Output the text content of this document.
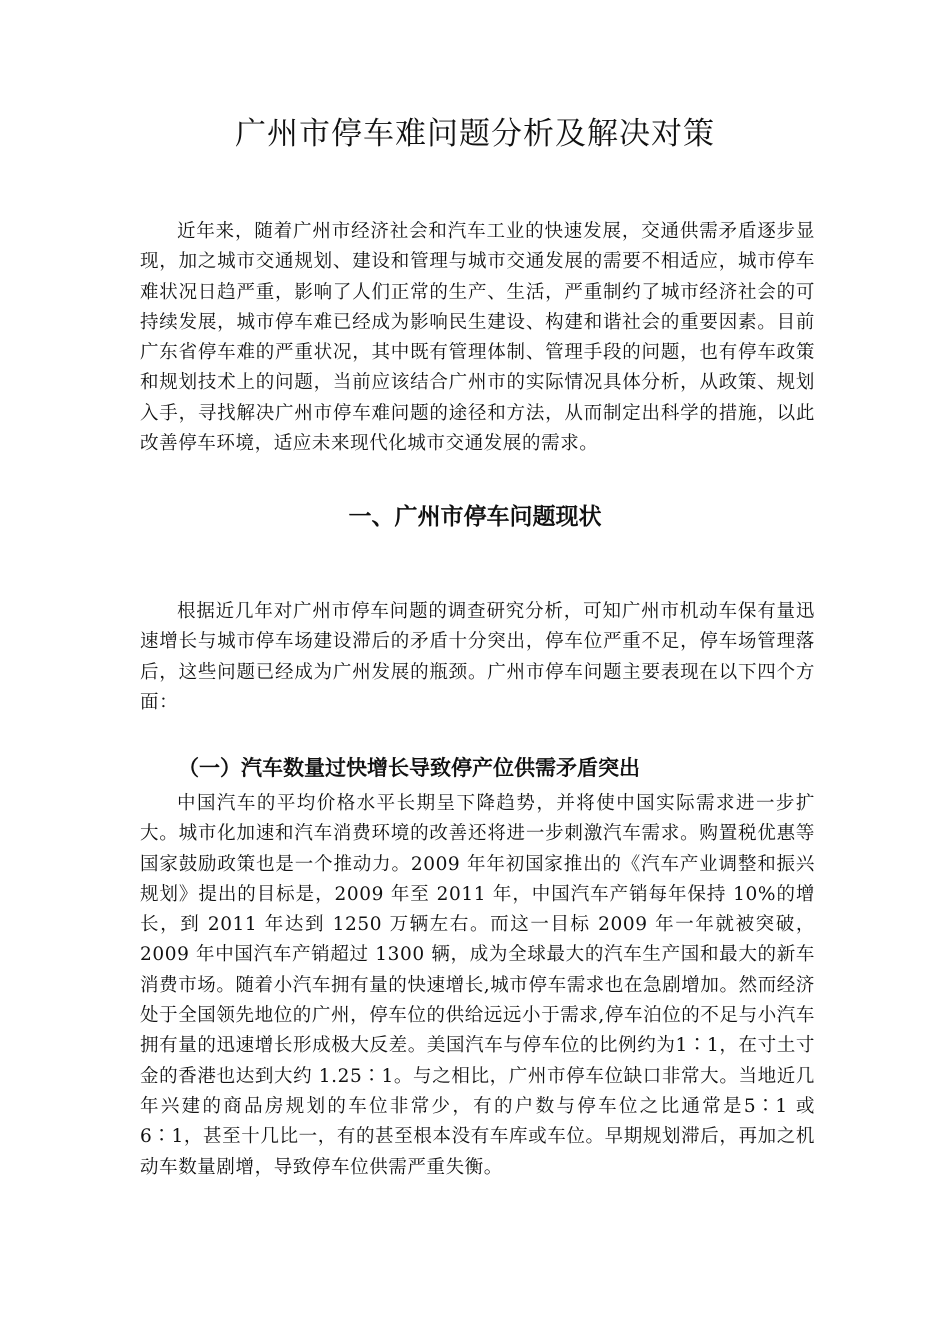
广州市停车难问题分析及解决对策

近年来，随着广州市经济社会和汽车工业的快速发展，交通供需矛盾逐步显现，加之城市交通规划、建设和管理与城市交通发展的需要不相适应，城市停车难状况日趋严重，影响了人们正常的生产、生活，严重制约了城市经济社会的可持续发展，城市停车难已经成为影响民生建设、构建和谐社会的重要因素。目前广东省停车难的严重状况，其中既有管理体制、管理手段的问题，也有停车政策和规划技术上的问题，当前应该结合广州市的实际情况具体分析，从政策、规划入手，寻找解决广州市停车难问题的途径和方法，从而制定出科学的措施，以此改善停车环境，适应未来现代化城市交通发展的需求。

一、广州市停车问题现状

根据近几年对广州市停车问题的调查研究分析，可知广州市机动车保有量迅速增长与城市停车场建设滞后的矛盾十分突出，停车位严重不足，停车场管理落后，这些问题已经成为广州发展的瓶颈。广州市停车问题主要表现在以下四个方面：

（一）汽车数量过快增长导致停产位供需矛盾突出

中国汽车的平均价格水平长期呈下降趋势，并将使中国实际需求进一步扩大。城市化加速和汽车消费环境的改善还将进一步刺激汽车需求。购置税优惠等国家鼓励政策也是一个推动力。2009 年年初国家推出的《汽车产业调整和振兴规划》提出的目标是，2009 年至 2011 年，中国汽车产销每年保持 10%的增长，到 2011 年达到 1250 万辆左右。而这一目标 2009 年一年就被突破，2009 年中国汽车产销超过 1300 辆，成为全球最大的汽车生产国和最大的新车消费市场。随着小汽车拥有量的快速增长,城市停车需求也在急剧增加。然而经济处于全国领先地位的广州，停车位的供给远远小于需求,停车泊位的不足与小汽车拥有量的迅速增长形成极大反差。美国汽车与停车位的比例约为1∶1，在寸土寸金的香港也达到大约 1.25∶1。与之相比，广州市停车位缺口非常大。当地近几年兴建的商品房规划的车位非常少，有的户数与停车位之比通常是5∶1 或 6∶1，甚至十几比一，有的甚至根本没有车库或车位。早期规划滞后，再加之机动车数量剧增，导致停车位供需严重失衡。
